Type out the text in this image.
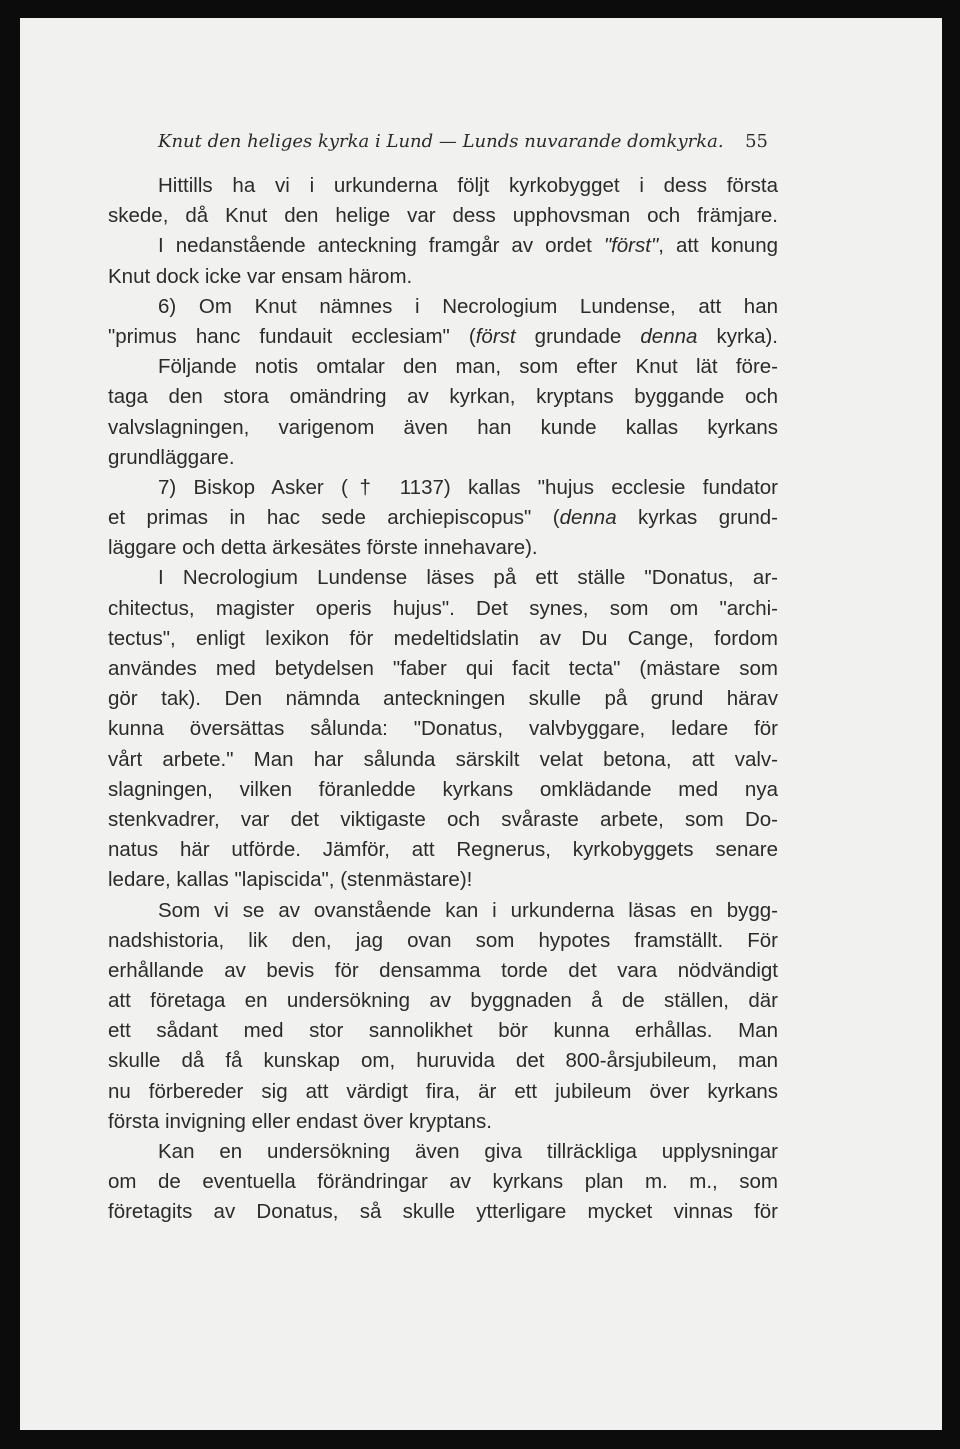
Knut den heliges kyrka i Lund — Lunds nuvarande domkyrka. 55
Hittills ha vi i urkunderna följt kyrkobygget i dess första
skede, då Knut den helige var dess upphovsman och främjare.
I nedanstående anteckning framgår av ordet "först", att konung
Knut dock icke var ensam härom.
6) Om Knut nämnes i Necrologium Lundense, att han
"primus hanc fundauit ecclesiam" (först grundade denna kyrka).
Följande notis omtalar den man, som efter Knut lät före-
taga den stora omändring av kyrkan, kryptans byggande och
valvslagningen, varigenom även han kunde kallas kyrkans
grundläggare.
7) Biskop Asker († 1137) kallas "hujus ecclesie fundator
et primas in hac sede archiepiscopus" (denna kyrkas grund-
läggare och detta ärkesätes förste innehavare).
I Necrologium Lundense läses på ett ställe "Donatus, ar-
chitectus, magister operis hujus". Det synes, som om "archi-
tectus", enligt lexikon för medeltidslatin av Du Cange, fordom
användes med betydelsen "faber qui facit tecta" (mästare som
gör tak). Den nämnda anteckningen skulle på grund härav
kunna översättas sålunda: "Donatus, valvbyggare, ledare för
vårt arbete." Man har sålunda särskilt velat betona, att valv-
slagningen, vilken föranledde kyrkans omklädande med nya
stenkvadrer, var det viktigaste och svåraste arbete, som Do-
natus här utförde. Jämför, att Regnerus, kyrkobyggets senare
ledare, kallas "lapiscida", (stenmästare)!
Som vi se av ovanstående kan i urkunderna läsas en bygg-
nadshistoria, lik den, jag ovan som hypotes framställt. För
erhållande av bevis för densamma torde det vara nödvändigt
att företaga en undersökning av byggnaden å de ställen, där
ett sådant med stor sannolikhet bör kunna erhållas. Man
skulle då få kunskap om, huruvida det 800-årsjubileum, man
nu förbereder sig att värdigt fira, är ett jubileum över kyrkans
första invigning eller endast över kryptans.
Kan en undersökning även giva tillräckliga upplysningar
om de eventuella förändringar av kyrkans plan m. m., som
företagits av Donatus, så skulle ytterligare mycket vinnas för
